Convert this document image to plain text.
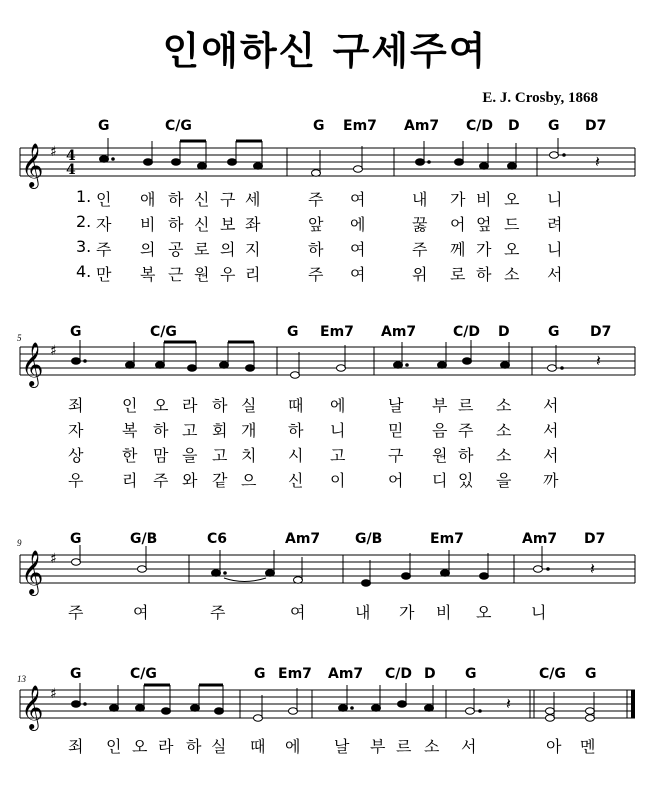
인애하신 구세주여
E. J. Crosby, 1868
G	C/G	G Em7 Am7 C/D D G D7
𝄞 ♯ 4
4	𝄽
1. 인 애 하 신 구 세	주 여	내 가 비 오 니
2. 자 비 하 신 보 좌	앞 에	꿇 어 엎 드 려
3. 주 의 공 로 의 지	하 여	주 께 가 오 니
4. 만 복 근 원 우 리	주 여	위 로 하 소 서
5	G	C/G	G Em7 Am7	C/D D	G D7
𝄞 ♯	𝄽
죄 인 오 라 하 실 때 에	날 부 르 소 서
자 복 하 고 회 개 하 니	믿 음 주 소 서
상 한 맘 을 고 치 시 고	구 원 하 소 서
우 리 주 와 같 으 신 이	어 디 있 을 까
9	G	G/B	C6	Am7 G/B	Em7	Am7 D7
𝄞 ♯	𝄽
주	여	주	여	내 가 비 오 니
13	G	C/G	G Em7 Am7 C/D D G	C/G G
𝄞 ♯	𝄽
죄 인 오 라 하 실 때 에 날 부 르 소 서	아 멘
